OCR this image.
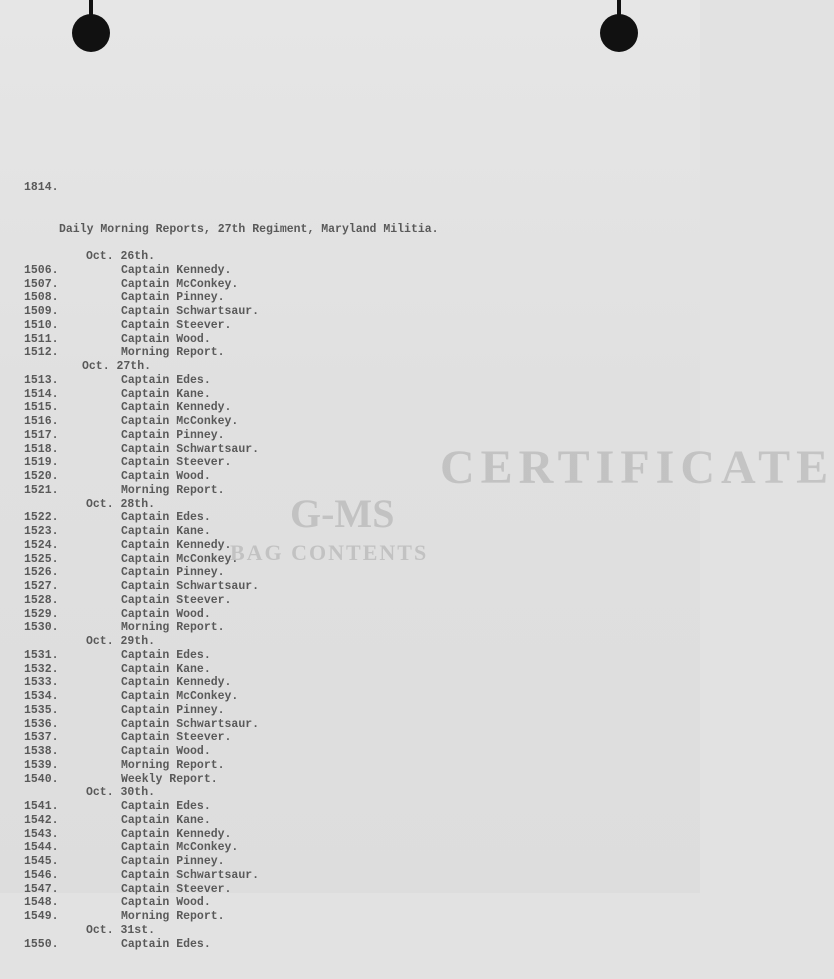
CERTIFICATE
G-MS
BAG CONTENTS

1814.

Daily Morning Reports, 27th Regiment, Maryland Militia.

Oct. 26th.
1506.	Captain Kennedy.
1507.	Captain McConkey.
1508.	Captain Pinney.
1509.	Captain Schwartsaur.
1510.	Captain Steever.
1511.	Captain Wood.
1512.	Morning Report.
Oct. 27th.
1513.	Captain Edes.
1514.	Captain Kane.
1515.	Captain Kennedy.
1516.	Captain McConkey.
1517.	Captain Pinney.
1518.	Captain Schwartsaur.
1519.	Captain Steever.
1520.	Captain Wood.
1521.	Morning Report.
Oct. 28th.
1522.	Captain Edes.
1523.	Captain Kane.
1524.	Captain Kennedy.
1525.	Captain McConkey.
1526.	Captain Pinney.
1527.	Captain Schwartsaur.
1528.	Captain Steever.
1529.	Captain Wood.
1530.	Morning Report.
Oct. 29th.
1531.	Captain Edes.
1532.	Captain Kane.
1533.	Captain Kennedy.
1534.	Captain McConkey.
1535.	Captain Pinney.
1536.	Captain Schwartsaur.
1537.	Captain Steever.
1538.	Captain Wood.
1539.	Morning Report.
1540.	Weekly Report.
Oct. 30th.
1541.	Captain Edes.
1542.	Captain Kane.
1543.	Captain Kennedy.
1544.	Captain McConkey.
1545.	Captain Pinney.
1546.	Captain Schwartsaur.
1547.	Captain Steever.
1548.	Captain Wood.
1549.	Morning Report.
Oct. 31st.
1550.	Captain Edes.
